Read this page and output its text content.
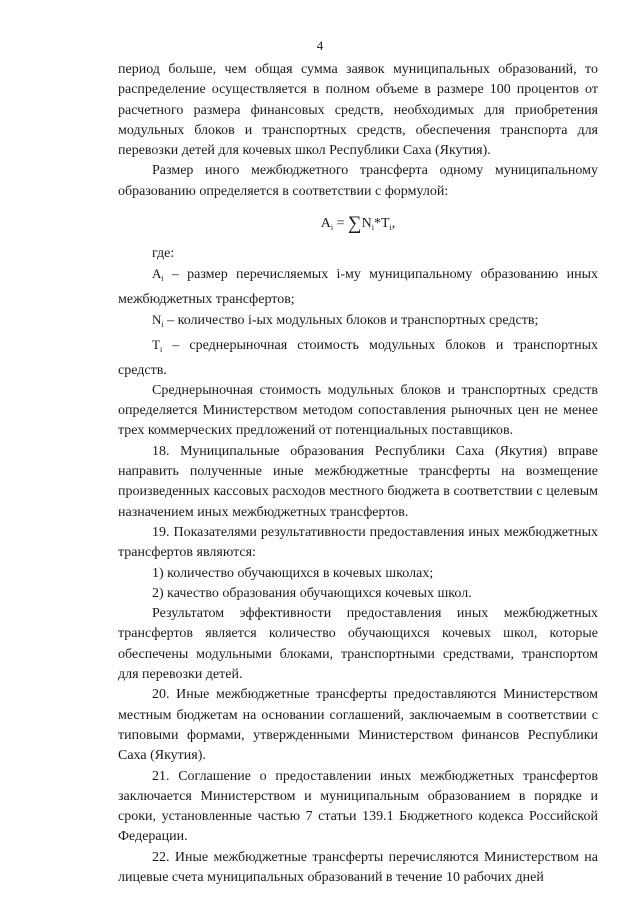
4

период больше, чем общая сумма заявок муниципальных образований, то распределение осуществляется в полном объеме в размере 100 процентов от расчетного размера финансовых средств, необходимых для приобретения модульных блоков и транспортных средств, обеспечения транспорта для перевозки детей для кочевых школ Республики Саха (Якутия).

Размер иного межбюджетного трансферта одному муниципальному образованию определяется в соответствии с формулой:

$A_i = \sum N_i*T_i$,

где:

$A_i$ – размер перечисляемых i-му муниципальному образованию иных межбюджетных трансфертов;

$N_i$ – количество i-ых модульных блоков и транспортных средств;

$T_i$ – среднерыночная стоимость модульных блоков и транспортных средств.

Среднерыночная стоимость модульных блоков и транспортных средств определяется Министерством методом сопоставления рыночных цен не менее трех коммерческих предложений от потенциальных поставщиков.

18. Муниципальные образования Республики Саха (Якутия) вправе направить полученные иные межбюджетные трансферты на возмещение произведенных кассовых расходов местного бюджета в соответствии с целевым назначением иных межбюджетных трансфертов.

19. Показателями результативности предоставления иных межбюджетных трансфертов являются:

1) количество обучающихся в кочевых школах;

2) качество образования обучающихся кочевых школ.

Результатом эффективности предоставления иных межбюджетных трансфертов является количество обучающихся кочевых школ, которые обеспечены модульными блоками, транспортными средствами, транспортом для перевозки детей.

20. Иные межбюджетные трансферты предоставляются Министерством местным бюджетам на основании соглашений, заключаемым в соответствии с типовыми формами, утвержденными Министерством финансов Республики Саха (Якутия).

21. Соглашение о предоставлении иных межбюджетных трансфертов заключается Министерством и муниципальным образованием в порядке и сроки, установленные частью 7 статьи 139.1 Бюджетного кодекса Российской Федерации.

22. Иные межбюджетные трансферты перечисляются Министерством на лицевые счета муниципальных образований в течение 10 рабочих дней
